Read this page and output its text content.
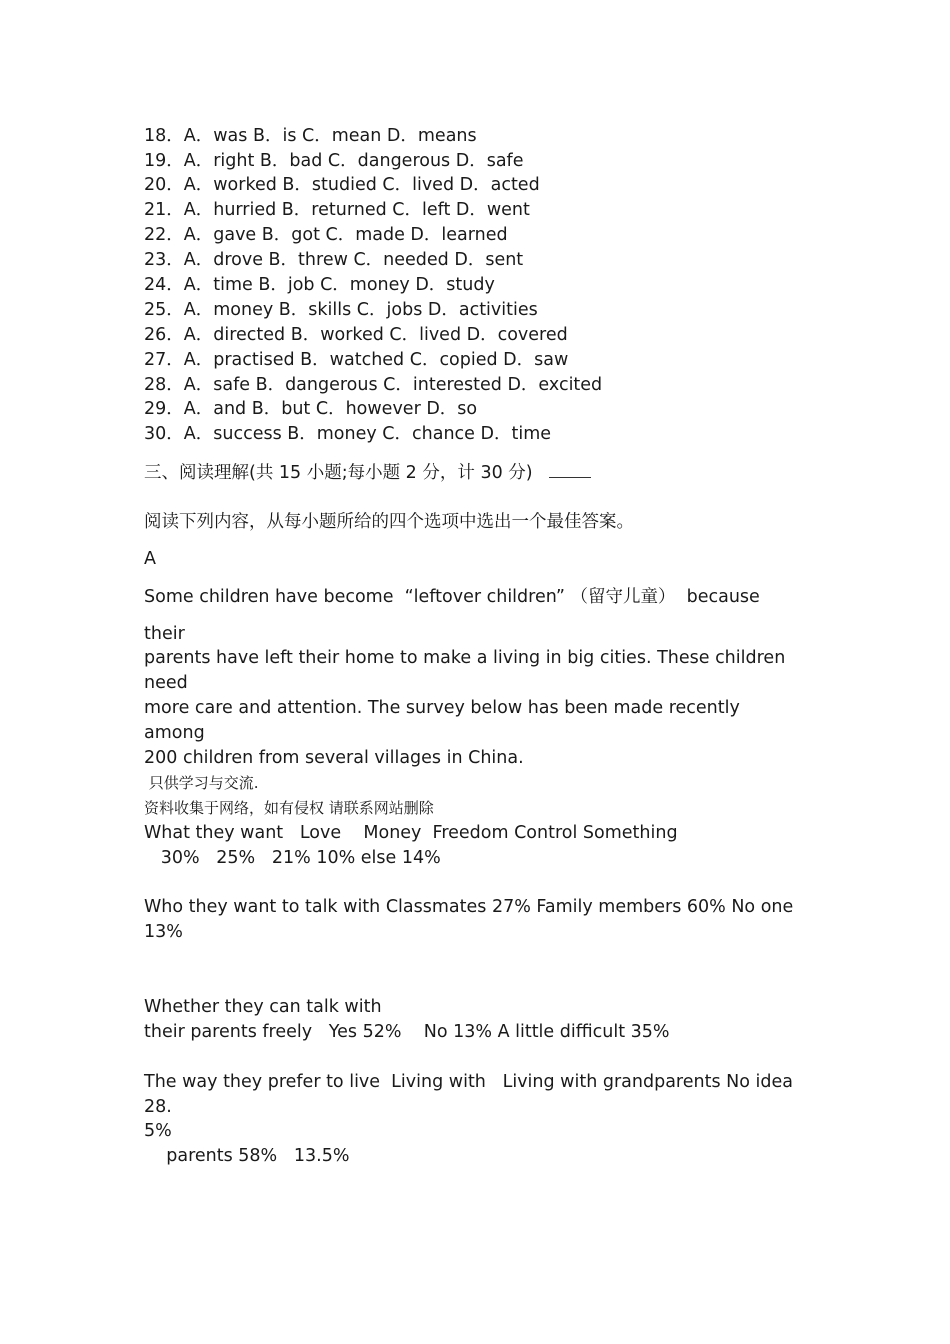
18．A．was B．is C．mean D．means
19．A．right B．bad C．dangerous D．safe
20．A．worked B．studied C．lived D．acted
21．A．hurried B．returned C．left D．went
22．A．gave B．got C．made D．learned
23．A．drove B．threw C．needed D．sent
24．A．time B．job C．money D．study
25．A．money B．skills C．jobs D．activities
26．A．directed B．worked C．lived D．covered
27．A．practised B．watched C．copied D．saw
28．A．safe B．dangerous C．interested D．excited
29．A．and B．but C．however D．so
30．A．success B．money C．chance D．time
三、阅读理解(共 15 小题;每小题 2 分，计 30 分)
阅读下列内容，从每小题所给的四个选项中选出一个最佳答案。
A
Some children have become  “leftover children” （留守儿童）  because
their
parents have left their home to make a living in big cities. These children
need
more care and attention. The survey below has been made recently
among
200 children from several villages in China.
只供学习与交流.
资料收集于网络，如有侵权 请联系网站删除
What they want   Love    Money  Freedom Control Something
30%   25%   21% 10% else 14%
Who they want to talk with Classmates 27% Family members 60% No one
13%
Whether they can talk with
their parents freely   Yes 52%    No 13% A little difficult 35%
The way they prefer to live  Living with   Living with grandparents No idea
28.
5%
parents 58%   13.5%
